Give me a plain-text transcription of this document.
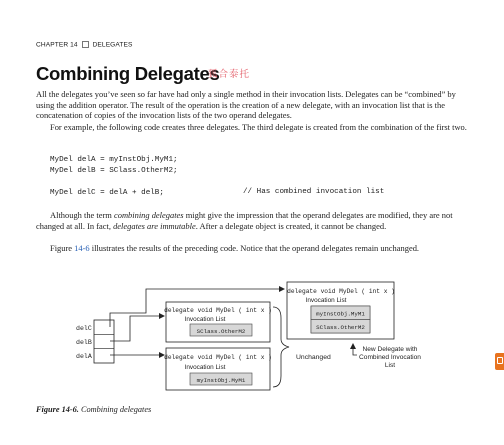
CHAPTER 14 DELEGATES
Combining Delegates
狐合泰托

All the delegates you’ve seen so far have had only a single method in their invocation lists. Delegates can be “combined” by using the addition operator. The result of the operation is the creation of a new delegate, with an invocation list that is the concatenation of copies of the invocation lists of the two operand delegates.

For example, the following code creates three delegates. The third delegate is created from the combination of the first two.

MyDel delA = myInstObj.MyM1;
MyDel delB = SClass.OtherM2;
MyDel delC = delA + delB;	// Has combined invocation list

Although the term combining delegates might give the impression that the operand delegates are modified, they are not changed at all. In fact, delegates are immutable. After a delegate object is created, it cannot be changed.

Figure 14-6 illustrates the results of the preceding code. Notice that the operand delegates remain unchanged.

delC
delB
delA
delegate void MyDel ( int x )
Invocation List
SClass.OtherM2
delegate void MyDel ( int x )
Invocation List
myInstObj.MyM1
Unchanged
delegate void MyDel ( int x )
Invocation List
myInstObj.MyM1
SClass.OtherM2
New Delegate with Combined Invocation List
Figure 14-6. Combining delegates
